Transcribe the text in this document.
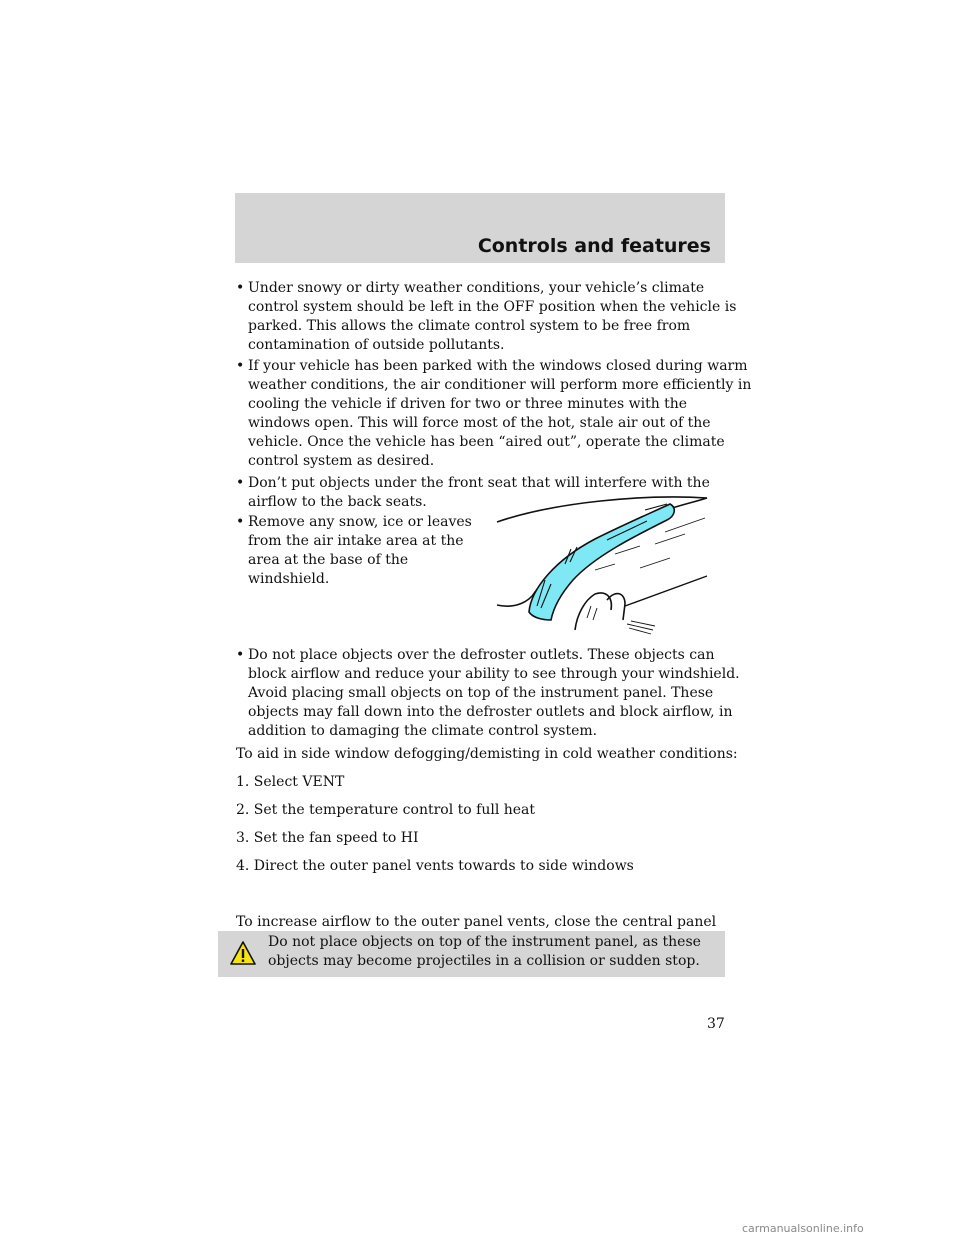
Controls and features
• Under snowy or dirty weather conditions, your vehicle’s climate
control system should be left in the OFF position when the vehicle is
parked. This allows the climate control system to be free from
contamination of outside pollutants.
• If your vehicle has been parked with the windows closed during warm
weather conditions, the air conditioner will perform more efficiently in
cooling the vehicle if driven for two or three minutes with the
windows open. This will force most of the hot, stale air out of the
vehicle. Once the vehicle has been “aired out”, operate the climate
control system as desired.
• Don’t put objects under the front seat that will interfere with the
airflow to the back seats.
• Remove any snow, ice or leaves
from the air intake area at the
area at the base of the
windshield.
• Do not place objects over the defroster outlets. These objects can
block airflow and reduce your ability to see through your windshield.
Avoid placing small objects on top of the instrument panel. These
objects may fall down into the defroster outlets and block airflow, in
addition to damaging the climate control system.
To aid in side window defogging/demisting in cold weather conditions:
1. Select VENT
2. Set the temperature control to full heat
3. Set the fan speed to HI
4. Direct the outer panel vents towards to side windows
To increase airflow to the outer panel vents, close the central panel
Do not place objects on top of the instrument panel, as these
objects may become projectiles in a collision or sudden stop.
37
carmanualsonline.info
